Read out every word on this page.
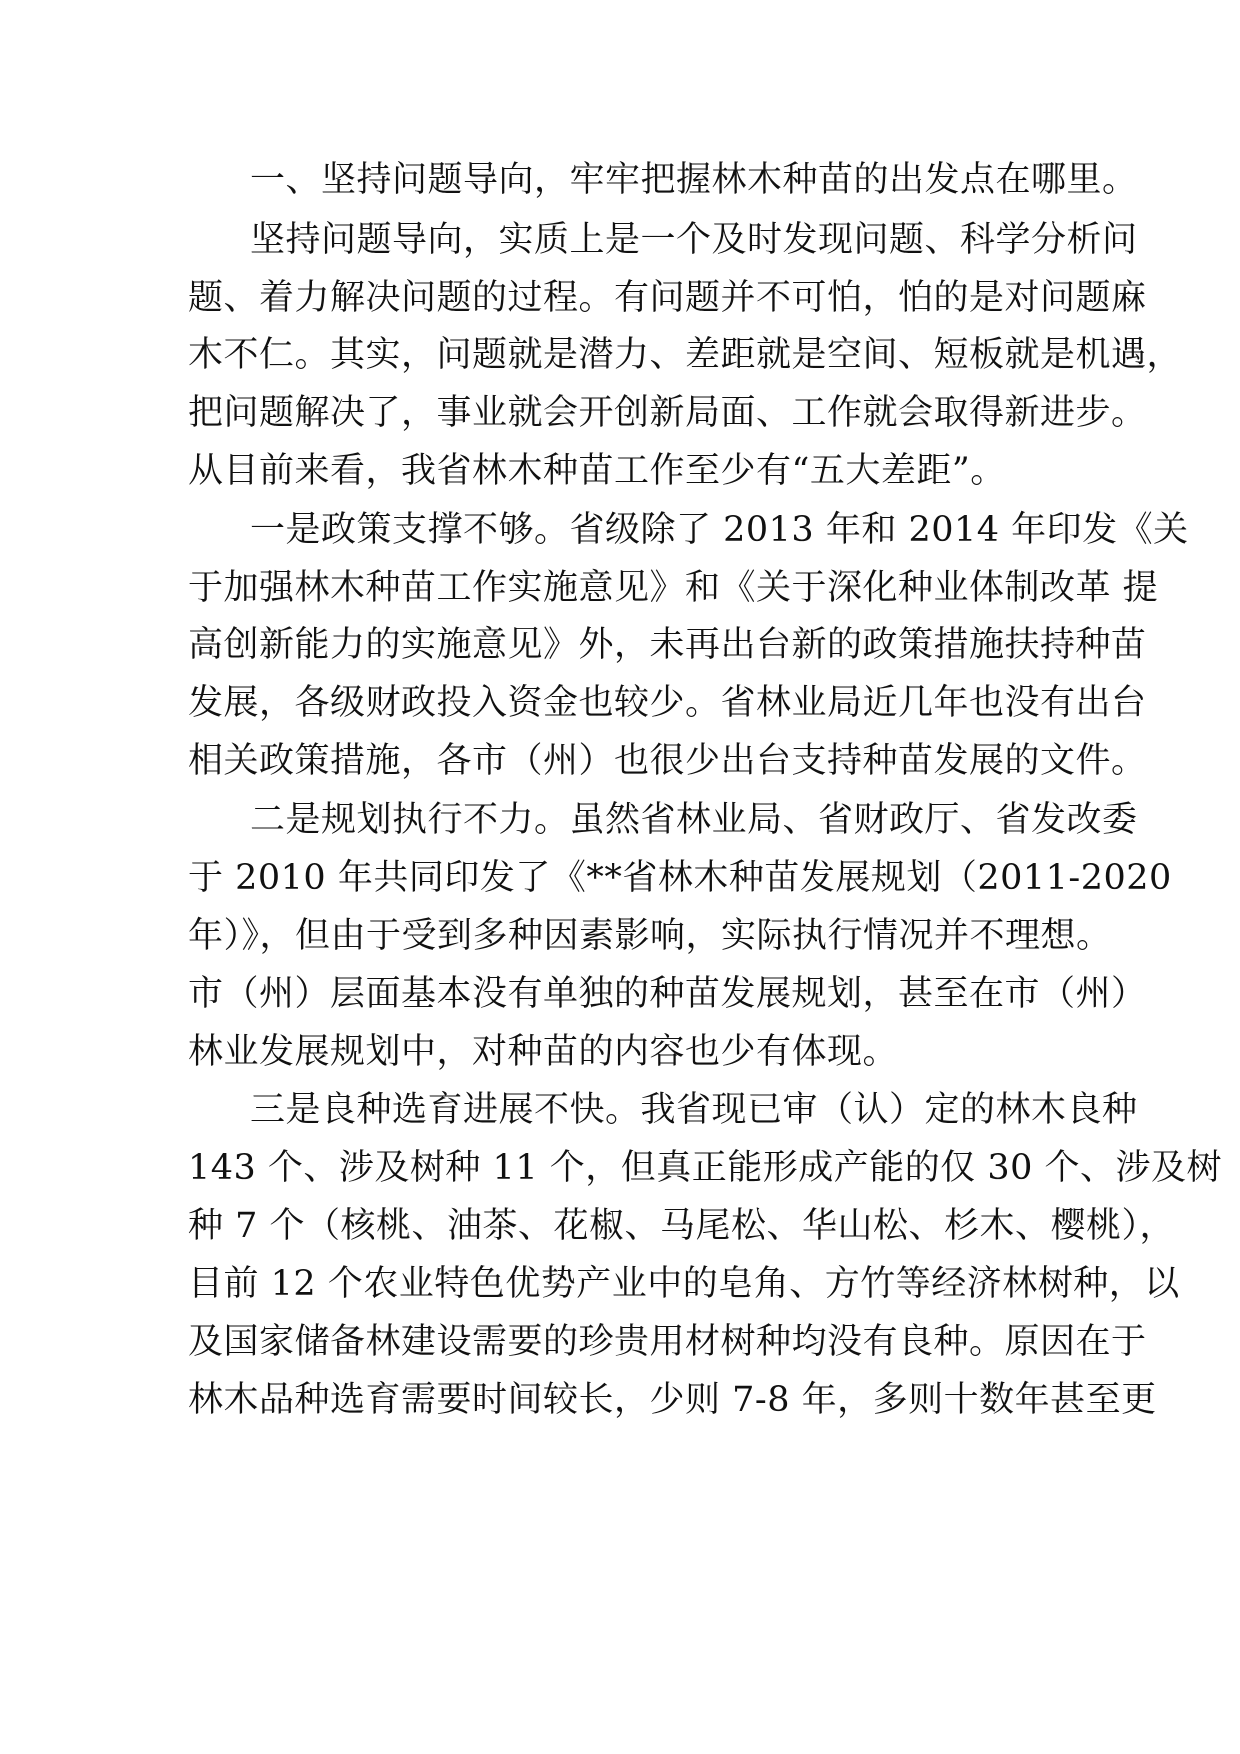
一、坚持问题导向，牢牢把握林木种苗的出发点在哪里。
坚持问题导向，实质上是一个及时发现问题、科学分析问
题、着力解决问题的过程。有问题并不可怕，怕的是对问题麻
木不仁。其实，问题就是潜力、差距就是空间、短板就是机遇，
把问题解决了，事业就会开创新局面、工作就会取得新进步。
从目前来看，我省林木种苗工作至少有“五大差距”。
一是政策支撑不够。省级除了 2013 年和 2014 年印发《关
于加强林木种苗工作实施意见》和《关于深化种业体制改革 提
高创新能力的实施意见》外，未再出台新的政策措施扶持种苗
发展，各级财政投入资金也较少。省林业局近几年也没有出台
相关政策措施，各市（州）也很少出台支持种苗发展的文件。
二是规划执行不力。虽然省林业局、省财政厅、省发改委
于 2010 年共同印发了《**省林木种苗发展规划（2011-2020
年）》，但由于受到多种因素影响，实际执行情况并不理想。
市（州）层面基本没有单独的种苗发展规划，甚至在市（州）
林业发展规划中，对种苗的内容也少有体现。
三是良种选育进展不快。我省现已审（认）定的林木良种
143 个、涉及树种 11 个，但真正能形成产能的仅 30 个、涉及树
种 7 个（核桃、油茶、花椒、马尾松、华山松、杉木、樱桃），
目前 12 个农业特色优势产业中的皂角、方竹等经济林树种，以
及国家储备林建设需要的珍贵用材树种均没有良种。原因在于
林木品种选育需要时间较长，少则 7-8 年，多则十数年甚至更
